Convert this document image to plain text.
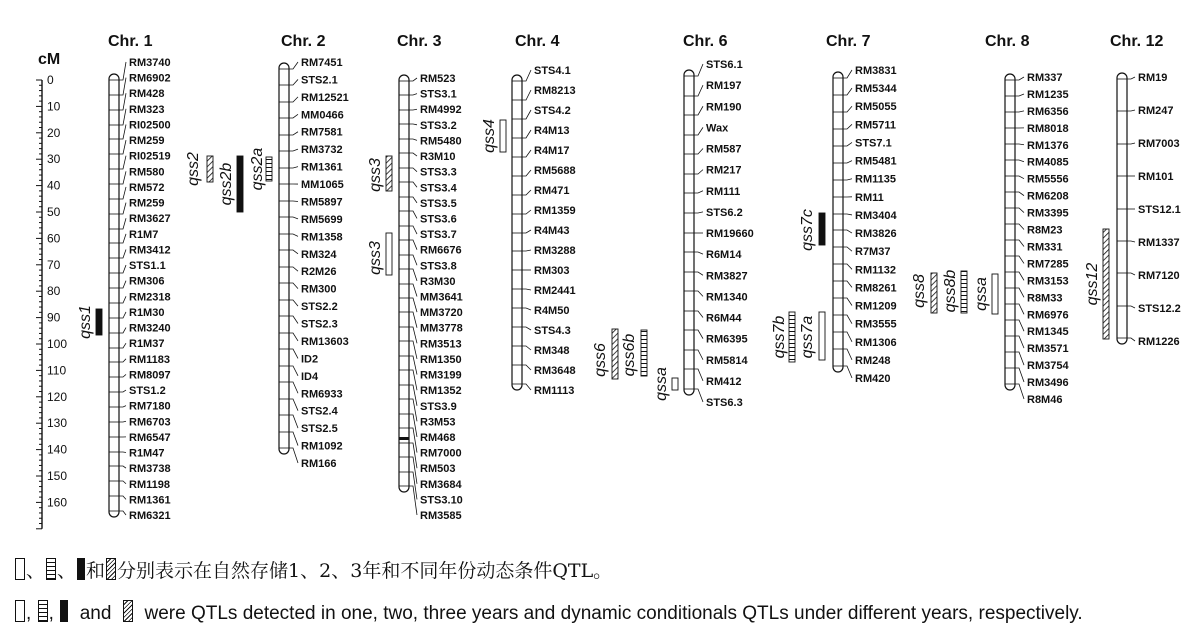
cM
0
10
20
30
40
50
60
70
80
90
100
110
120
130
140
150
160
Chr. 1
RM3740
RM6902
RM428
RM323
RI02500
RM259
RI02519
RM580
RM572
RM259
RM3627
R1M7
RM3412
STS1.1
RM306
RM2318
R1M30
RM3240
R1M37
RM1183
RM8097
STS1.2
RM7180
RM6703
RM6547
R1M47
RM3738
RM1198
RM1361
RM6321
Chr. 2
RM7451
STS2.1
RM12521
MM0466
RM7581
RM3732
RM1361
MM1065
RM5897
RM5699
RM1358
RM324
R2M26
RM300
STS2.2
STS2.3
RM13603
ID2
ID4
RM6933
STS2.4
STS2.5
RM1092
RM166
Chr. 3
RM523
STS3.1
RM4992
STS3.2
RM5480
R3M10
STS3.3
STS3.4
STS3.5
STS3.6
STS3.7
RM6676
STS3.8
R3M30
MM3641
MM3720
MM3778
RM3513
RM1350
RM3199
RM1352
STS3.9
R3M53
RM468
RM7000
RM503
RM3684
STS3.10
RM3585
Chr. 4
STS4.1
RM8213
STS4.2
R4M13
R4M17
RM5688
RM471
RM1359
R4M43
RM3288
RM303
RM2441
R4M50
STS4.3
RM348
RM3648
RM1113
Chr. 6
STS6.1
RM197
RM190
Wax
RM587
RM217
RM111
STS6.2
RM19660
R6M14
RM3827
RM1340
R6M44
RM6395
RM5814
RM412
STS6.3
Chr. 7
RM3831
RM5344
RM5055
RM5711
STS7.1
RM5481
RM1135
RM11
RM3404
RM3826
R7M37
RM1132
RM8261
RM1209
RM3555
RM1306
RM248
RM420
Chr. 8
RM337
RM1235
RM6356
RM8018
RM1376
RM4085
RM5556
RM6208
RM3395
R8M23
RM331
RM7285
RM3153
R8M33
RM6976
RM1345
RM3571
RM3754
RM3496
R8M46
Chr. 12
RM19
RM247
RM7003
RM101
STS12.1
RM1337
RM7120
STS12.2
RM1226
qss1
qss2 qss2b qss2a	qss3
qss3
qss4
qss6 qss6b
qssa
qss7c
qss7b qss7a
qss8 qss8b qssa	qss12
、 、 和 分别表示在自然存储1、2、3年和不同年份动态条件QTL。
, ,   and were QTLs detected in one, two, three years and dynamic conditionals QTLs under different years, respectively.
